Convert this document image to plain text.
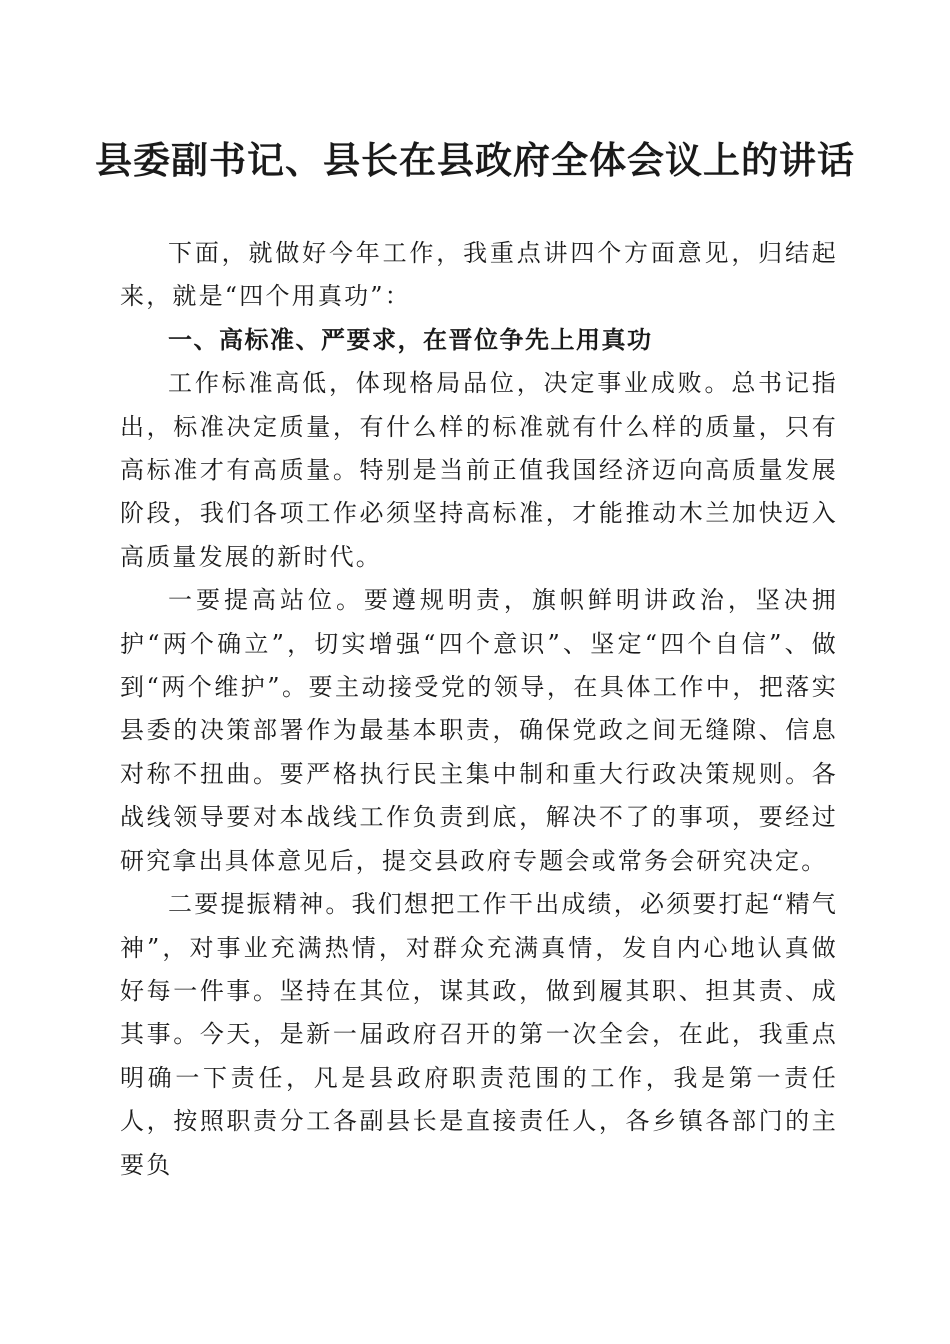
县委副书记、县长在县政府全体会议上的讲话

下面，就做好今年工作，我重点讲四个方面意见，归结起来，就是“四个用真功”：

一、高标准、严要求，在晋位争先上用真功

工作标准高低，体现格局品位，决定事业成败。总书记指出，标准决定质量，有什么样的标准就有什么样的质量，只有高标准才有高质量。特别是当前正值我国经济迈向高质量发展阶段，我们各项工作必须坚持高标准，才能推动木兰加快迈入高质量发展的新时代。

一要提高站位。要遵规明责，旗帜鲜明讲政治，坚决拥护“两个确立”，切实增强“四个意识”、坚定“四个自信”、做到“两个维护”。要主动接受党的领导，在具体工作中，把落实县委的决策部署作为最基本职责，确保党政之间无缝隙、信息对称不扭曲。要严格执行民主集中制和重大行政决策规则。各战线领导要对本战线工作负责到底，解决不了的事项，要经过研究拿出具体意见后，提交县政府专题会或常务会研究决定。

二要提振精神。我们想把工作干出成绩，必须要打起“精气神”，对事业充满热情，对群众充满真情，发自内心地认真做好每一件事。坚持在其位，谋其政，做到履其职、担其责、成其事。今天，是新一届政府召开的第一次全会，在此，我重点明确一下责任，凡是县政府职责范围的工作，我是第一责任人，按照职责分工各副县长是直接责任人，各乡镇各部门的主要负
